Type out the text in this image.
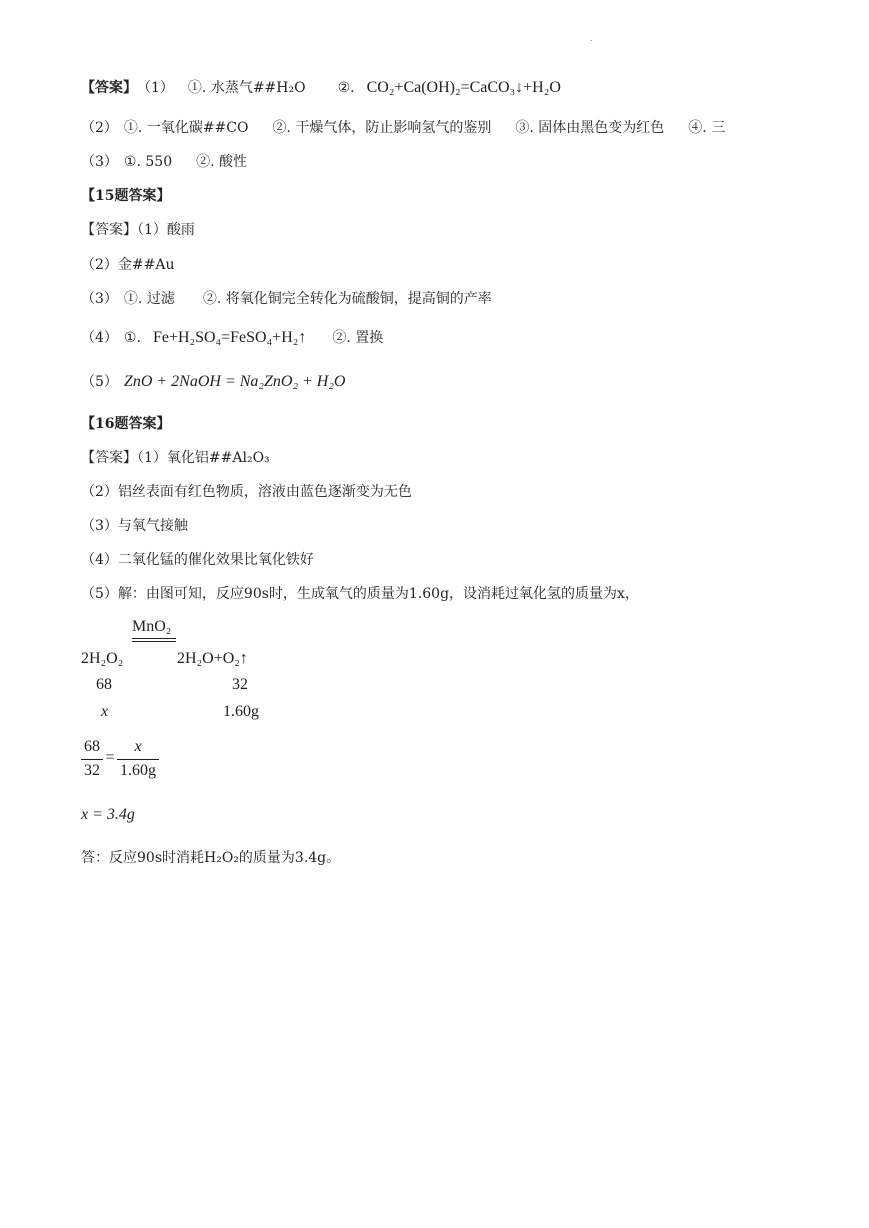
.
【答案】（1） ①. 水蒸气##H₂O ②. CO₂+Ca(OH)₂=CaCO₃↓+H₂O
（2） ①. 一氧化碳##CO ②. 干燥气体，防止影响氢气的鉴别 ③. 固体由黑色变为红色 ④. 三
（3） ①. 550 ②. 酸性
【15题答案】
【答案】（1）酸雨
（2）金##Au
（3） ①. 过滤 ②. 将氧化铜完全转化为硫酸铜，提高铜的产率
（4） ①. Fe+H₂SO₄=FeSO₄+H₂↑ ②. 置换
（5） ZnO + 2NaOH = Na₂ZnO₂ + H₂O
【16题答案】
【答案】（1）氧化铝##Al₂O₃
（2）铝丝表面有红色物质，溶液由蓝色逐渐变为无色
（3）与氧气接触
（4）二氧化锰的催化效果比氧化铁好
（5）解：由图可知，反应90s时，生成氧气的质量为1.60g，设消耗过氧化氢的质量为x，
MnO₂
2H₂O₂	2H₂O+O₂↑
68	32
x	1.60g
68
32
=
x
1.60g
x = 3.4g
答：反应90s时消耗H₂O₂的质量为3.4g。
